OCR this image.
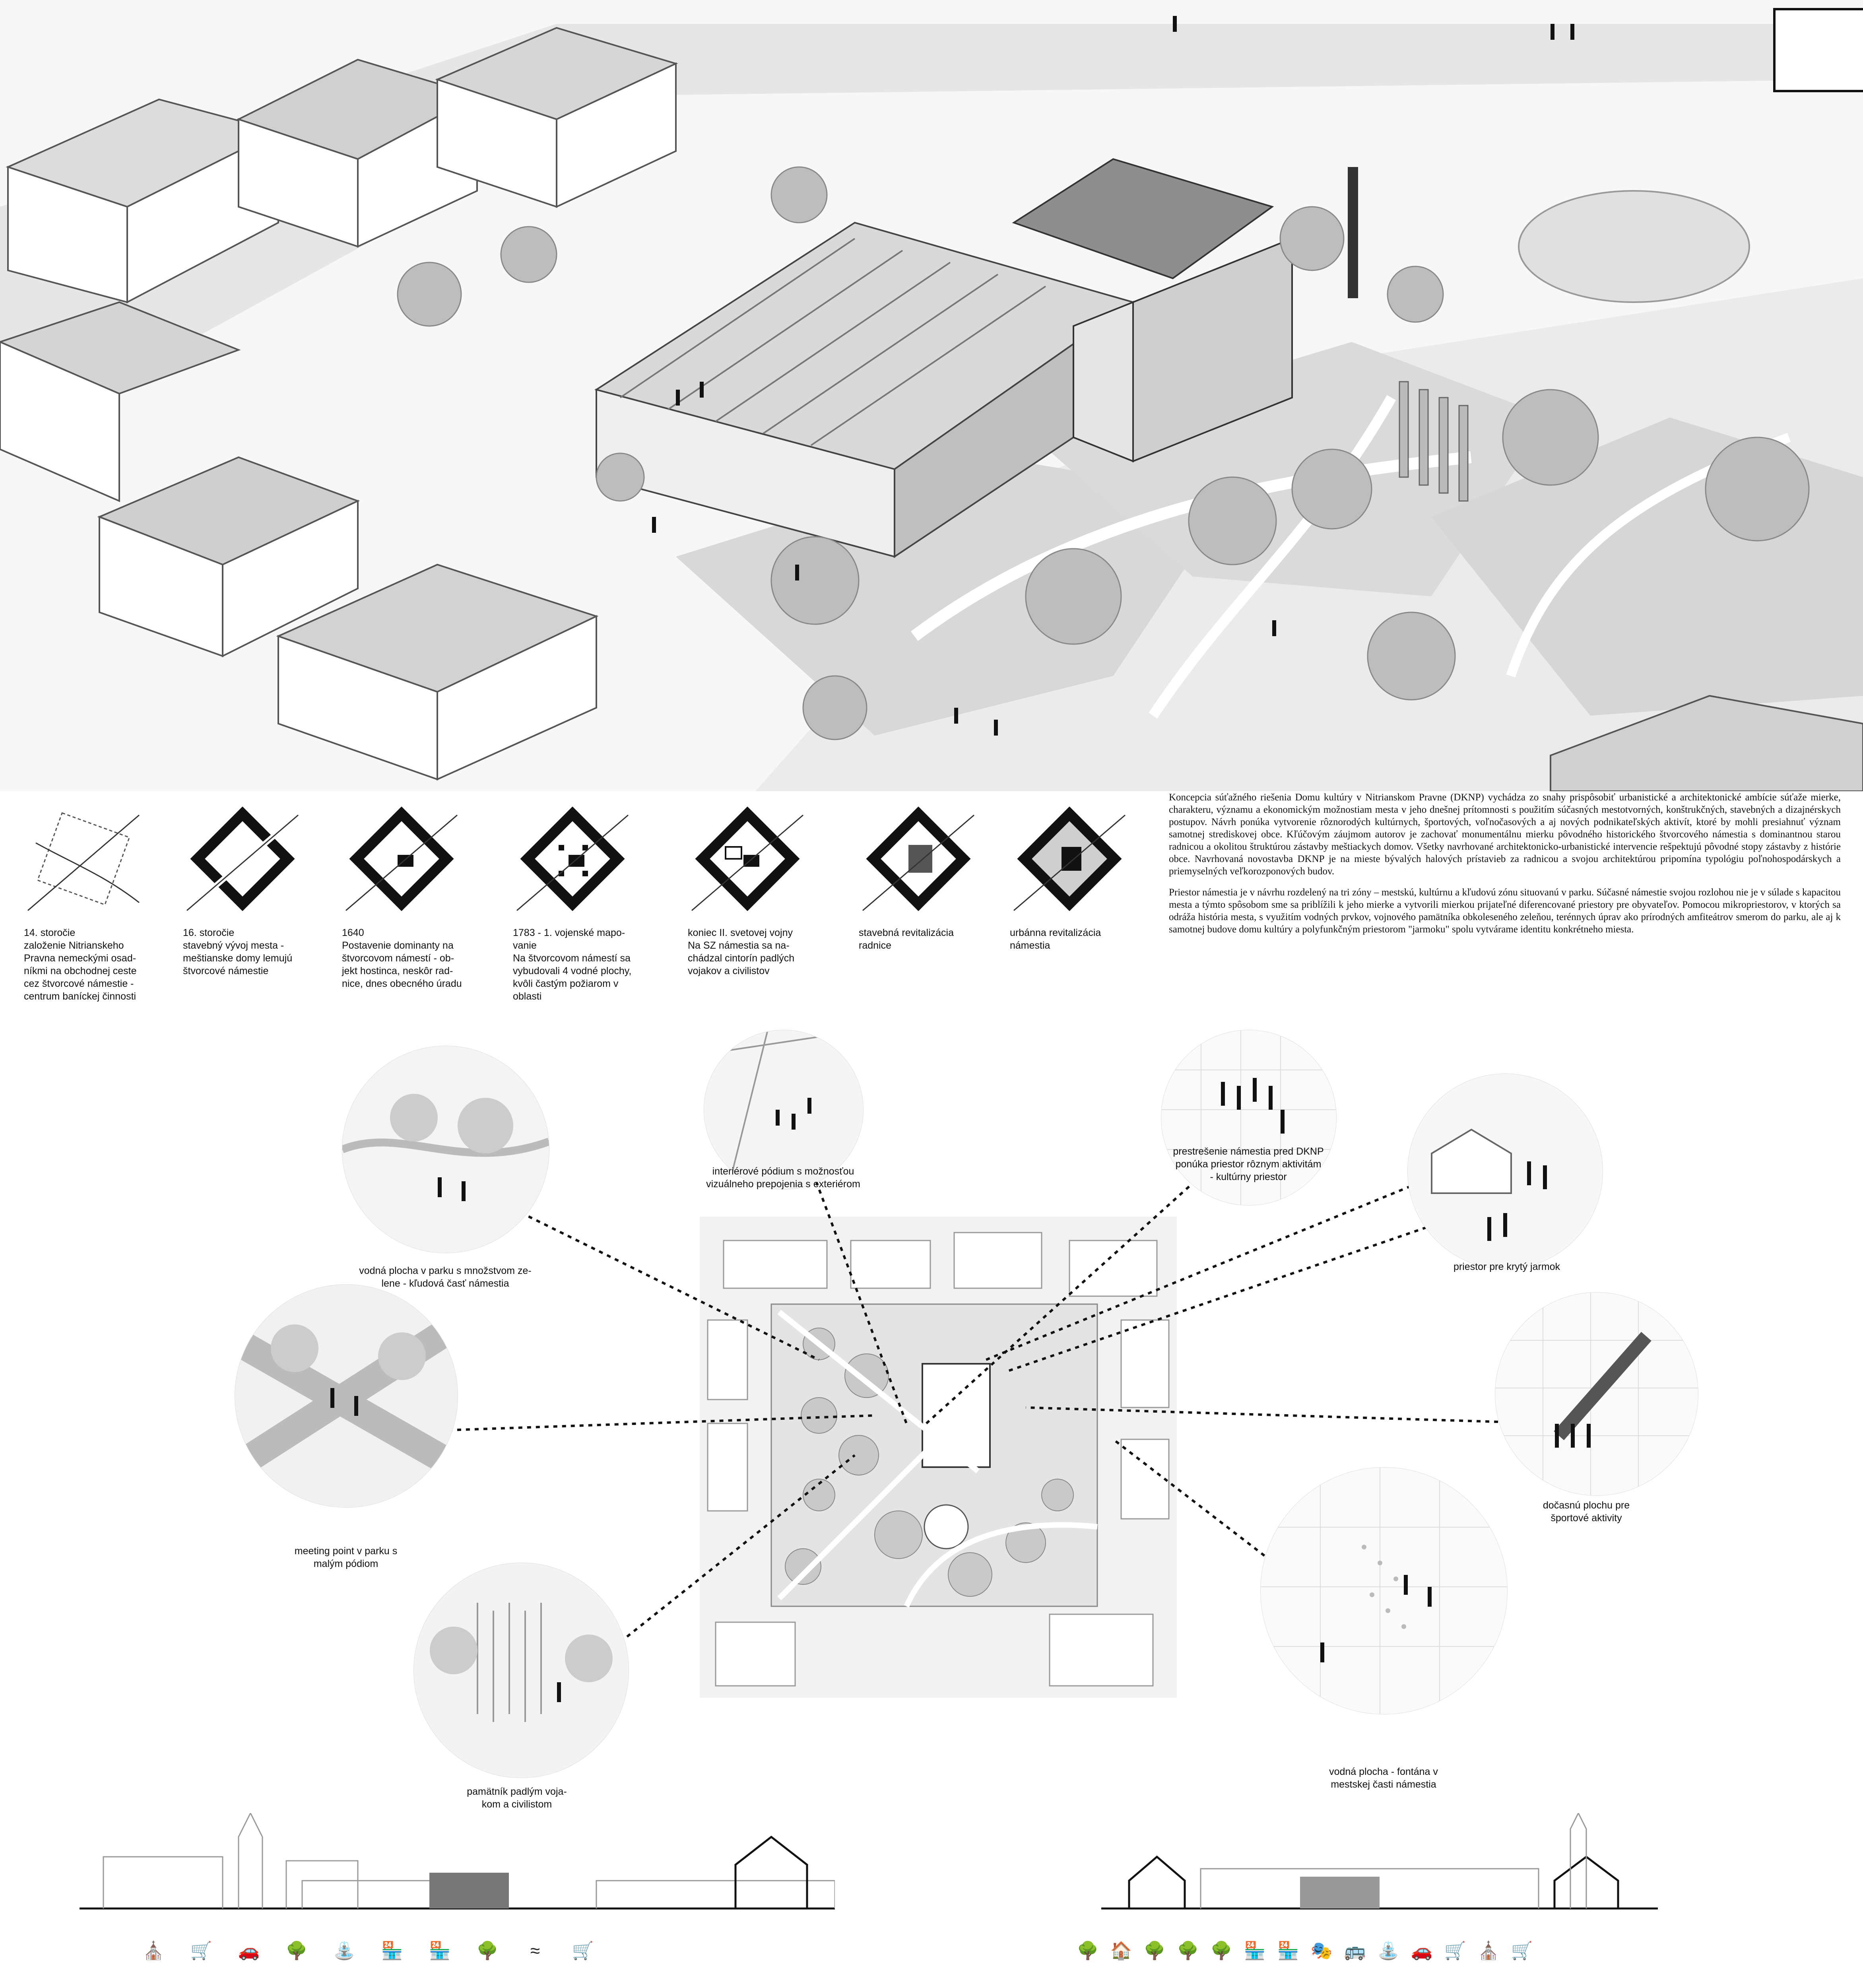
14. storočie
založenie Nitrianskeho
Pravna nemeckými osad-
níkmi na obchodnej ceste
cez štvorcové námestie -
centrum baníckej činnosti
16. storočie
stavebný vývoj mesta -
meštianske domy lemujú
štvorcové námestie
1640
Postavenie dominanty na
štvorcovom námestí - ob-
jekt hostinca, neskôr rad-
nice, dnes obecného úradu
1783 - 1. vojenské mapo-
vanie
Na štvorcovom námestí sa
vybudovali 4 vodné plochy,
kvôli častým požiarom v
oblasti
koniec II. svetovej vojny
Na SZ námestia sa na-
chádzal cintorín padlých
vojakov a civilistov
stavebná revitalizácia
radnice
urbánna revitalizácia
námestia

Koncepcia súťažného riešenia Domu kultúry v Nitrianskom Pravne (DKNP) vychádza zo snahy prispôsobiť urbanistické a architektonické ambície súťaže mierke, charakteru, významu a ekonomickým možnostiam mesta v jeho dnešnej prítomnosti s použitím súčasných mestotvorných, konštrukčných, stavebných a dizajnérskych postupov. Návrh ponúka vytvorenie rôznorodých kultúrnych, športových, voľnočasových a aj nových podnikateľských aktivít, ktoré by mohli presiahnuť význam samotnej strediskovej obce. Kľúčovým záujmom autorov je zachovať monumentálnu mierku pôvodného historického štvorcového námestia s dominantnou starou radnicou a okolitou štruktúrou zástavby meštiackych domov. Všetky navrhované architektonicko-urbanistické intervencie rešpektujú pôvodné stopy zástavby z histórie obce. Navrhovaná novostavba DKNP je na mieste bývalých halových prístavieb za radnicou a svojou architektúrou pripomína typológiu poľnohospodárskych a priemyselných veľkorozponových budov.

Priestor námestia je v návrhu rozdelený na tri zóny – mestskú, kultúrnu a kľudovú zónu situovanú v parku. Súčasné námestie svojou rozlohou nie je v súlade s kapacitou mesta a týmto spôsobom sme sa priblížili k jeho mierke a vytvorili mierkou prijateľné diferencované priestory pre obyvateľov. Pomocou mikropriestorov, v ktorých sa odráža história mesta, s využitím vodných prvkov, vojnového pamätníka obkoleseného zeleňou, terénnych úprav ako prírodných amfiteátrov smerom do parku, ale aj k samotnej budove domu kultúry a polyfunkčným priestorom "jarmoku" spolu vytvárame identitu konkrétneho miesta.

vodná plocha v parku s množstvom ze-
lene - kľudová časť námestia
interiérové pódium s možnosťou
vizuálneho prepojenia s exteriérom
prestrešenie námestia pred DKNP
ponúka priestor rôznym aktivitám
- kultúrny priestor
priestor pre krytý jarmok
meeting point v parku s
malým pódiom
dočasnú plochu pre
športové aktivity
pamätník padlým voja-
kom a civilistom
vodná plocha - fontána v
mestskej časti námestia
⛪ 🛒 🚗 🌳 ⛲ 🏪 🏪 🌳 ≈ 🛒	🌳 🏠 🌳 🌳 🌳 🏪 🏪 🎭 🚌 ⛲ 🚗 🛒 ⛪ 🛒
